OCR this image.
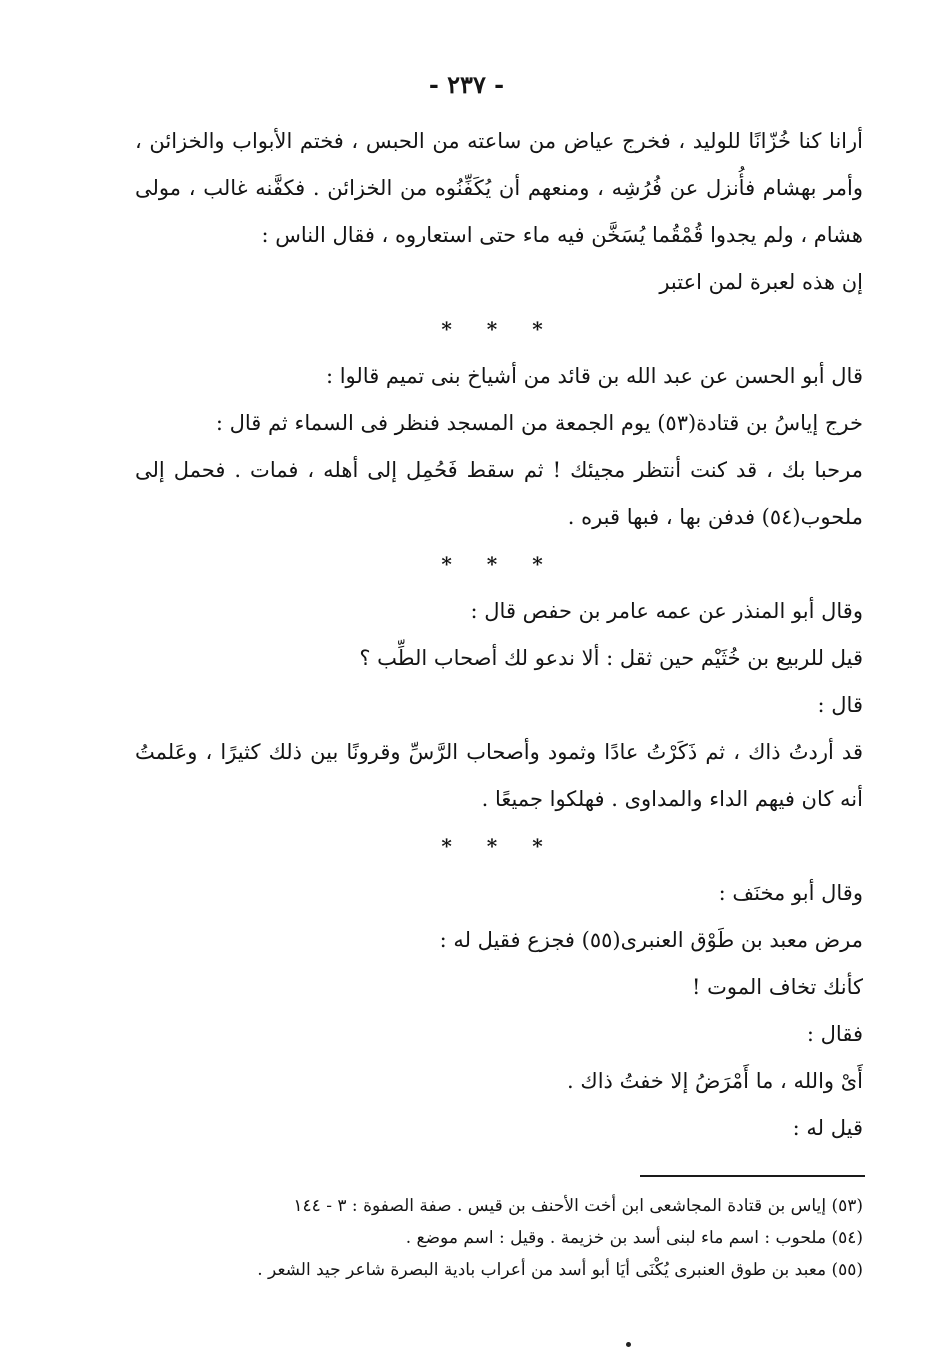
- ٢٣٧ -
أرانا كنا خُزّانًا للوليد ، فخرج عياض من ساعته من الحبس ، فختم الأبواب والخزائن ،
وأمر بهشام فأُنزل عن فُرُشِه ، ومنعهم أن يُكَفِّنُوه من الخزائن . فكفَّنه غالب ، مولى
هشام ، ولم يجدوا قُمْقُما يُسَخَّن فيه ماء حتى استعاروه ، فقال الناس :
إن هذه لعبرة لمن اعتبر
* * *
قال أبو الحسن عن عبد الله بن قائد من أشياخ بنى تميم قالوا :
خرج إياسُ بن قتادة(٥٣) يوم الجمعة من المسجد فنظر فى السماء ثم قال :
مرحبا بك ، قد كنت أنتظر مجيئك ! ثم سقط فَحُمِل إلى أهله ، فمات . فحمل إلى
ملحوب(٥٤) فدفن بها ، فبها قبره .
* * *
وقال أبو المنذر عن عمه عامر بن حفص قال :
قيل للربيع بن خُثَيْم حين ثقل : ألا ندعو لك أصحاب الطِّب ؟
قال :
قد أردتُ ذاك ، ثم ذَكَرْتُ عادًا وثمود وأصحاب الرَّسِّ وقرونًا بين ذلك كثيرًا ، وعَلمتُ
أنه كان فيهم الداء والمداوى . فهلكوا جميعًا .
* * *
وقال أبو مخنَف :
مرض معبد بن طَوْق العنبرى(٥٥) فجزع فقيل له :
كأنك تخاف الموت !
فقال :
أَىْ والله ، ما أَمْرَضُ إلا خفتُ ذاك .
قيل له :
(٥٣) إياس بن قتادة المجاشعى ابن أخت الأحنف بن قيس . صفة الصفوة : ٣ - ١٤٤
(٥٤) ملحوب : اسم ماء لبنى أسد بن خزيمة . وقيل : اسم موضع .
(٥٥) معبد بن طوق العنبرى يُكْنَى أيَا أبو أسد من أعراب بادية البصرة شاعر جيد الشعر .
